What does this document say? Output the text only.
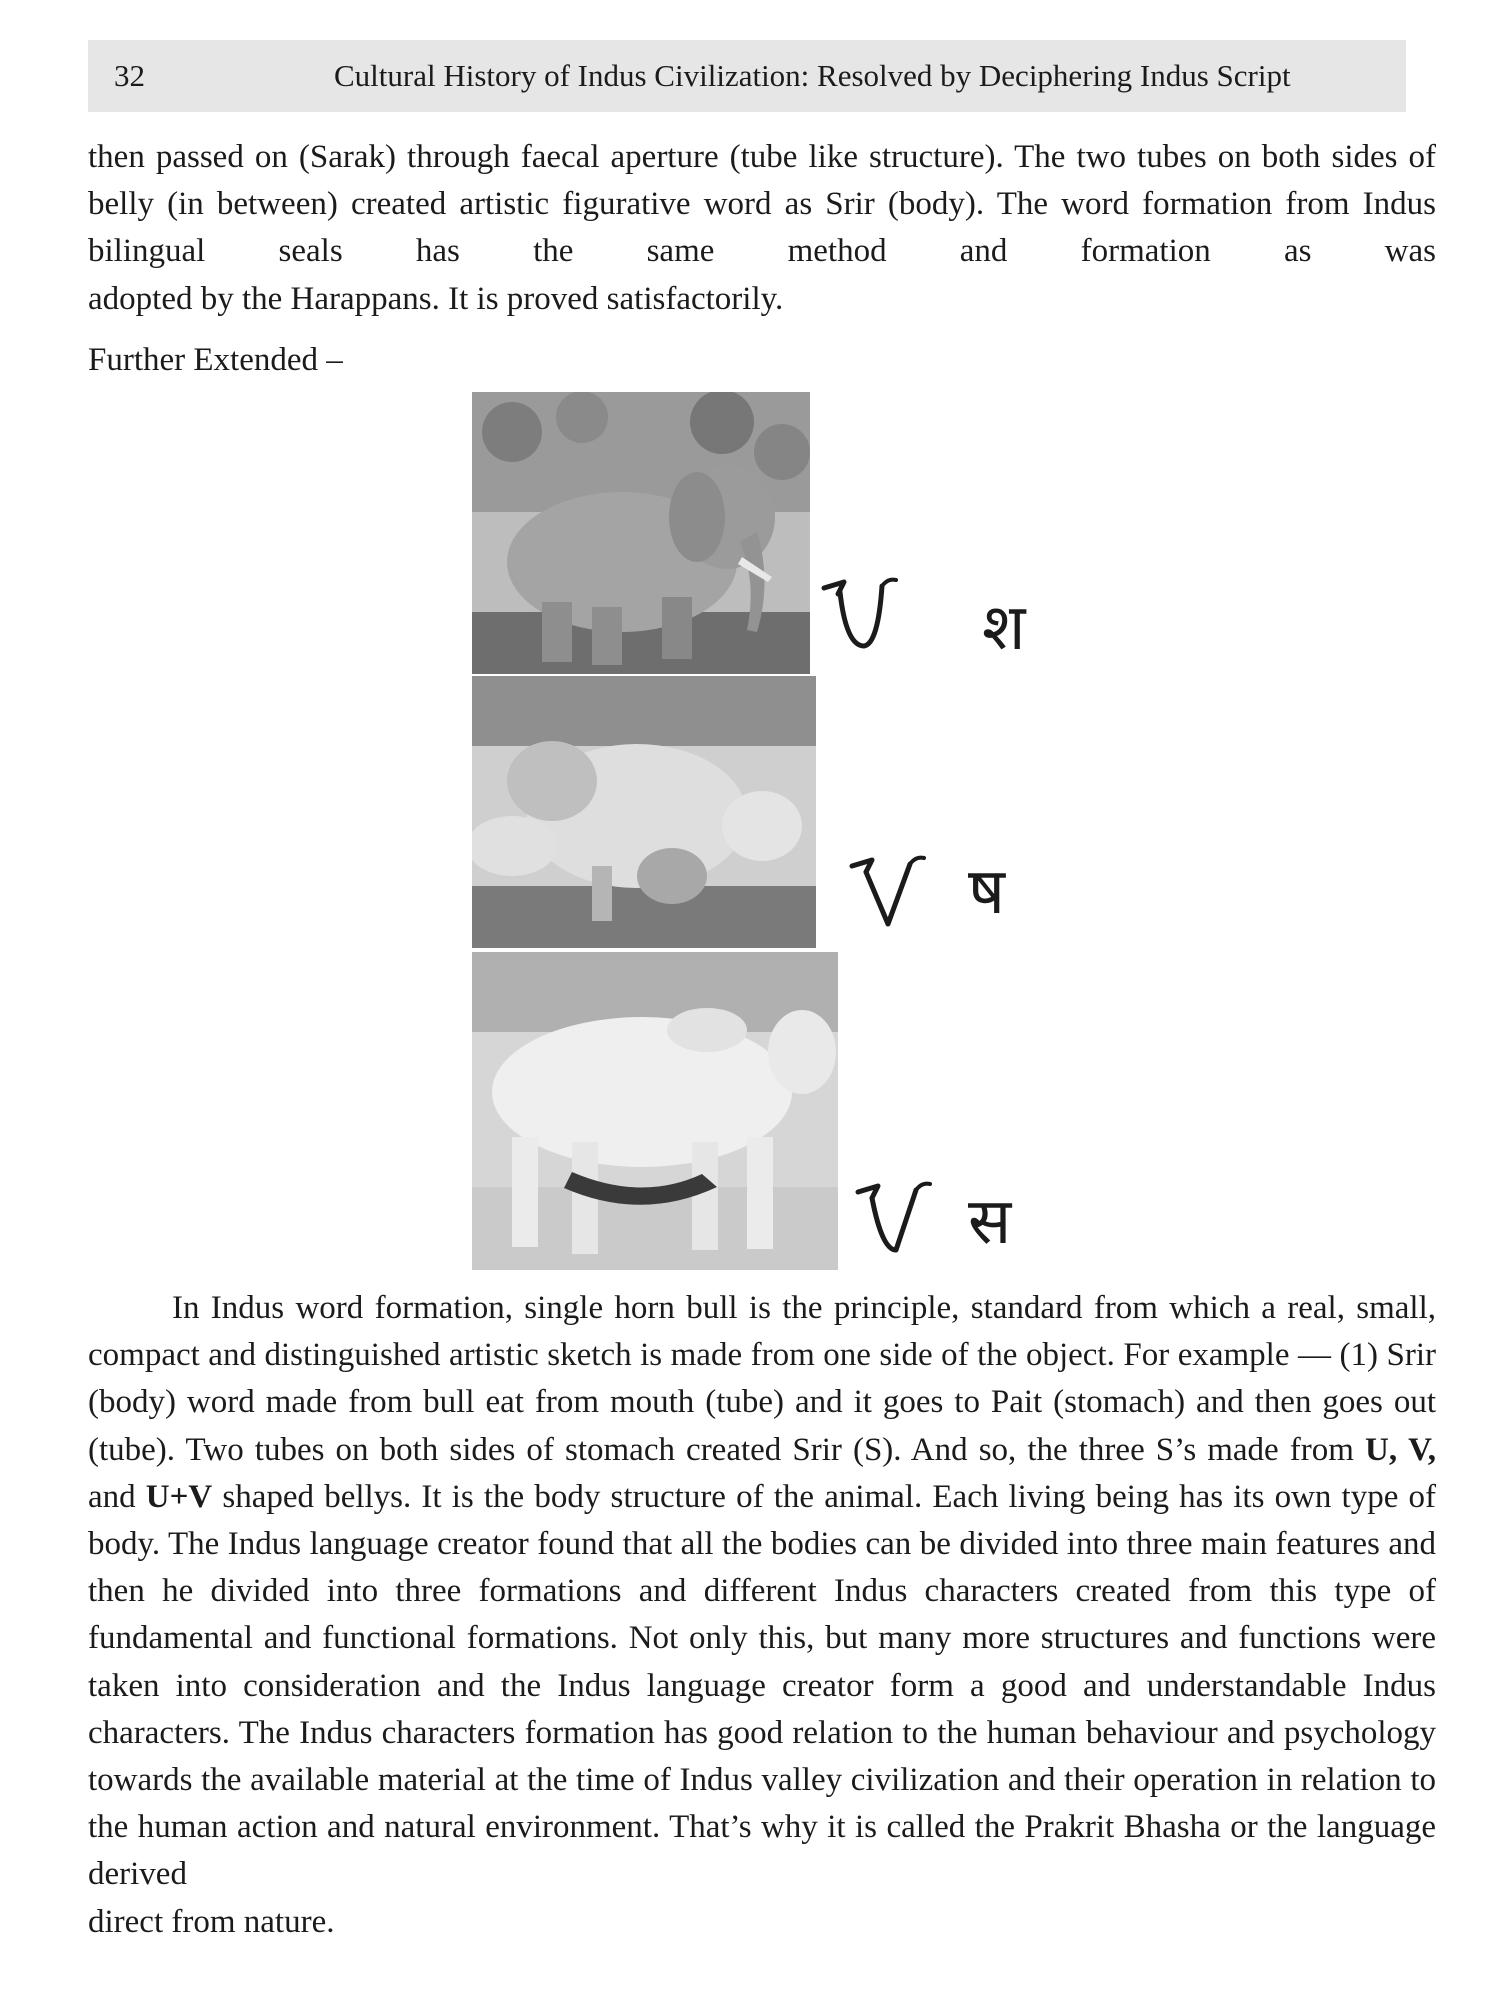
32	Cultural History of Indus Civilization: Resolved by Deciphering Indus Script

then passed on (Sarak) through faecal aperture (tube like structure). The two tubes on both sides of belly (in between) created artistic figurative word as Srir (body). The word formation from Indus bilingual seals has the same method and formation as was
adopted by the Harappans. It is proved satisfactorily.

Further Extended –
श
ष
स

In Indus word formation, single horn bull is the principle, standard from which a real, small, compact and distinguished artistic sketch is made from one side of the object. For example — (1) Srir (body) word made from bull eat from mouth (tube) and it goes to Pait (stomach) and then goes out (tube). Two tubes on both sides of stomach created Srir (S). And so, the three S’s made from U, V, and U+V shaped bellys. It is the body structure of the animal. Each living being has its own type of body. The Indus language creator found that all the bodies can be divided into three main features and then he divided into three formations and different Indus characters created from this type of fundamental and functional formations. Not only this, but many more structures and functions were taken into consideration and the Indus language creator form a good and understandable Indus characters. The Indus characters formation has good relation to the human behaviour and psychology towards the available material at the time of Indus valley civilization and their operation in relation to the human action and natural environment. That’s why it is called the Prakrit Bhasha or the language derived
direct from nature.
